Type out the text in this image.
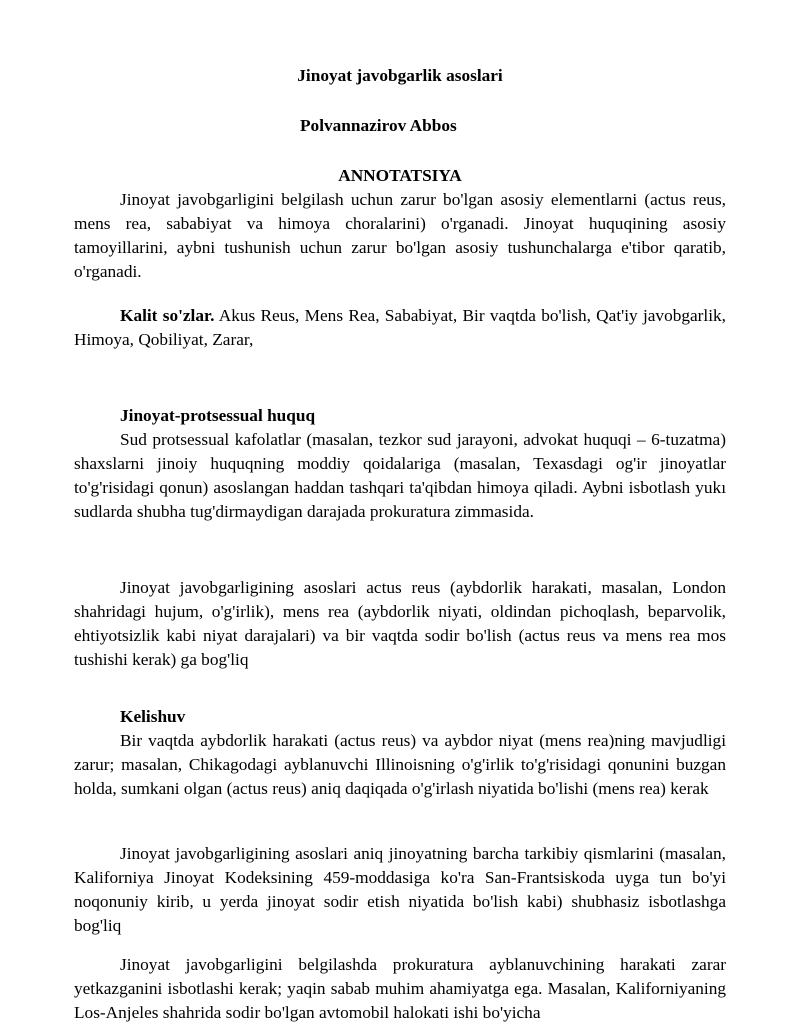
Jinoyat javobgarlik asoslari
Polvannazirov Abbos
ANNOTATSIYA

Jinoyat javobgarligini belgilash uchun zarur bo'lgan asosiy elementlarni (actus reus, mens rea, sababiyat va himoya choralarini) o'rganadi. Jinoyat huquqining asosiy tamoyillarini, aybni tushunish uchun zarur bo'lgan asosiy tushunchalarga e'tibor qaratib, o'rganadi.

Kalit so'zlar. Akus Reus, Mens Rea, Sababiyat, Bir vaqtda bo'lish, Qat'iy javobgarlik, Himoya, Qobiliyat, Zarar,

Jinoyat-protsessual huquq

Sud protsessual kafolatlar (masalan, tezkor sud jarayoni, advokat huquqi – 6-tuzatma) shaxslarni jinoiy huquqning moddiy qoidalariga (masalan, Texasdagi og'ir jinoyatlar to'g'risidagi qonun) asoslangan haddan tashqari ta'qibdan himoya qiladi. Aybni isbotlash yukı sudlarda shubha tug'dirmaydigan darajada prokuratura zimmasida.

Jinoyat javobgarligining asoslari actus reus (aybdorlik harakati, masalan, London shahridagi hujum, o'g'irlik), mens rea (aybdorlik niyati, oldindan pichoqlash, beparvolik, ehtiyotsizlik kabi niyat darajalari) va bir vaqtda sodir bo'lish (actus reus va mens rea mos tushishi kerak) ga bog'liq

Kelishuv

Bir vaqtda aybdorlik harakati (actus reus) va aybdor niyat (mens rea)ning mavjudligi zarur; masalan, Chikagodagi ayblanuvchi Illinoisning o'g'irlik to'g'risidagi qonunini buzgan holda, sumkani olgan (actus reus) aniq daqiqada o'g'irlash niyatida bo'lishi (mens rea) kerak

Jinoyat javobgarligining asoslari aniq jinoyatning barcha tarkibiy qismlarini (masalan, Kaliforniya Jinoyat Kodeksining 459-moddasiga ko'ra San-Frantsiskoda uyga tun bo'yi noqonuniy kirib, u yerda jinoyat sodir etish niyatida bo'lish kabi) shubhasiz isbotlashga bog'liq

Jinoyat javobgarligini belgilashda prokuratura ayblanuvchining harakati zarar yetkazganini isbotlashi kerak; yaqin sabab muhim ahamiyatga ega. Masalan, Kaliforniyaning Los-Anjeles shahrida sodir bo'lgan avtomobil halokati ishi bo'yicha
